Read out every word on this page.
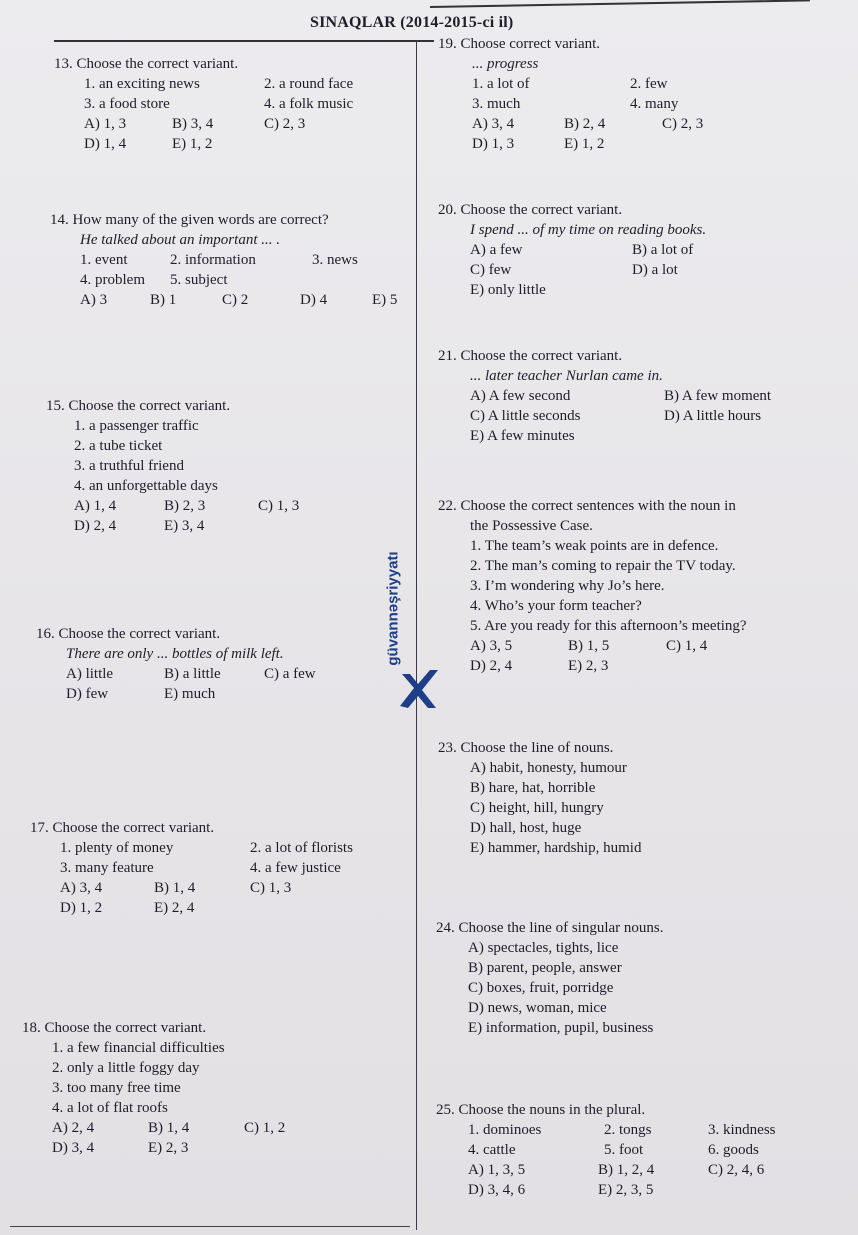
SINAQLAR (2014-2015-ci il)
13. Choose the correct variant.
1. an exciting news	2. a round face
3. a food store	4. a folk music
A) 1, 3	B) 3, 4	C) 2, 3
D) 1, 4	E) 1, 2
14. How many of the given words are correct?
He talked about an important ... .
1. event	2. information	3. news
4. problem 5. subject
A) 3	B) 1	C) 2	D) 4	E) 5
15. Choose the correct variant.
1. a passenger traffic
2. a tube ticket
3. a truthful friend
4. an unforgettable days
A) 1, 4	B) 2, 3	C) 1, 3
D) 2, 4	E) 3, 4
16. Choose the correct variant.
There are only ... bottles of milk left.
A) little	B) a little	C) a few
D) few	E) much
17. Choose the correct variant.
1. plenty of money	2. a lot of florists
3. many feature	4. a few justice
A) 3, 4	B) 1, 4	C) 1, 3
D) 1, 2	E) 2, 4
18. Choose the correct variant.
1. a few financial difficulties
2. only a little foggy day
3. too many free time
4. a lot of flat roofs
A) 2, 4	B) 1, 4	C) 1, 2
D) 3, 4	E) 2, 3
19. Choose correct variant.
... progress
1. a lot of	2. few
3. much	4. many
A) 3, 4	B) 2, 4	C) 2, 3
D) 1, 3	E) 1, 2
20. Choose the correct variant.
I spend ... of my time on reading books.
A) a few	B) a lot of
C) few	D) a lot
E) only little
21. Choose the correct variant.
... later teacher Nurlan came in.
A) A few second	B) A few moment
C) A little seconds	D) A little hours
E) A few minutes
22. Choose the correct sentences with the noun in
the Possessive Case.
1. The team’s weak points are in defence.
2. The man’s coming to repair the TV today.
3. I’m wondering why Jo’s here.
4. Who’s your form teacher?
5. Are you ready for this afternoon’s meeting?
A) 3, 5	B) 1, 5	C) 1, 4
D) 2, 4	E) 2, 3
23. Choose the line of nouns.
A) habit, honesty, humour
B) hare, hat, horrible
C) height, hill, hungry
D) hall, host, huge
E) hammer, hardship, humid
24. Choose the line of singular nouns.
A) spectacles, tights, lice
B) parent, people, answer
C) boxes, fruit, porridge
D) news, woman, mice
E) information, pupil, business
25. Choose the nouns in the plural.
1. dominoes	2. tongs	3. kindness
4. cattle	5. foot	6. goods
A) 1, 3, 5	B) 1, 2, 4	C) 2, 4, 6
D) 3, 4, 6	E) 2, 3, 5
güvannəşriyyatı
